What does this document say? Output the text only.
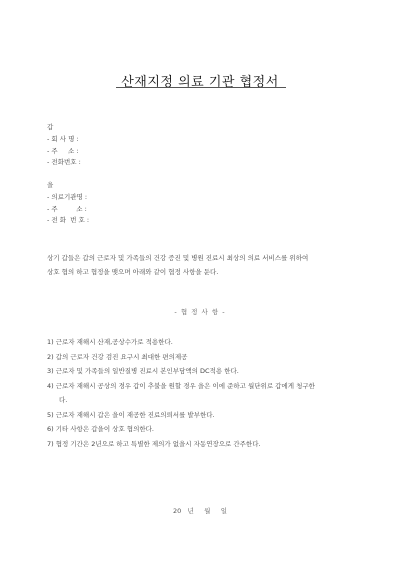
산재지정 의료 기관 협정서
갑
- 회 사 명 :
- 주     소 :
- 전화번호 :
을
- 의료기관명 :
- 주         소 :
- 전 화  번 호 :

상기 갑들은 갑의 근로자 및 가족들의 건강 증진 및 병원 진료시 최상의 의료 서비스를 위하여

상호 협의 하고 협정을 맺으며 아래와 같이 협정 사항을 둔다.

- 협 정 사 항 -

1) 근로자 재해시 산재,공상수가로 적용한다.

2) 갑의 근로자 건강 검진 요구시 최대한 편의제공

3) 근로자 및 가족들의 일반질병 진료시 본인부담액의 DC적용 한다.

4) 근로자 재해시 공상의 경우 갑이 추불을 원할 경우 을은 이에 준하고 월단위로 갑에게 청구한

다.

5) 근로자 재해시 갑은 을이 재공한 진료의뢰서를 발부한다.

6) 기타 사항은 갑을이 상호 협의한다.

7) 협정 기간은 2년으로 하고 특별한 제의가 없을시 자동연장으로 간주한다.

20   년     월     일
